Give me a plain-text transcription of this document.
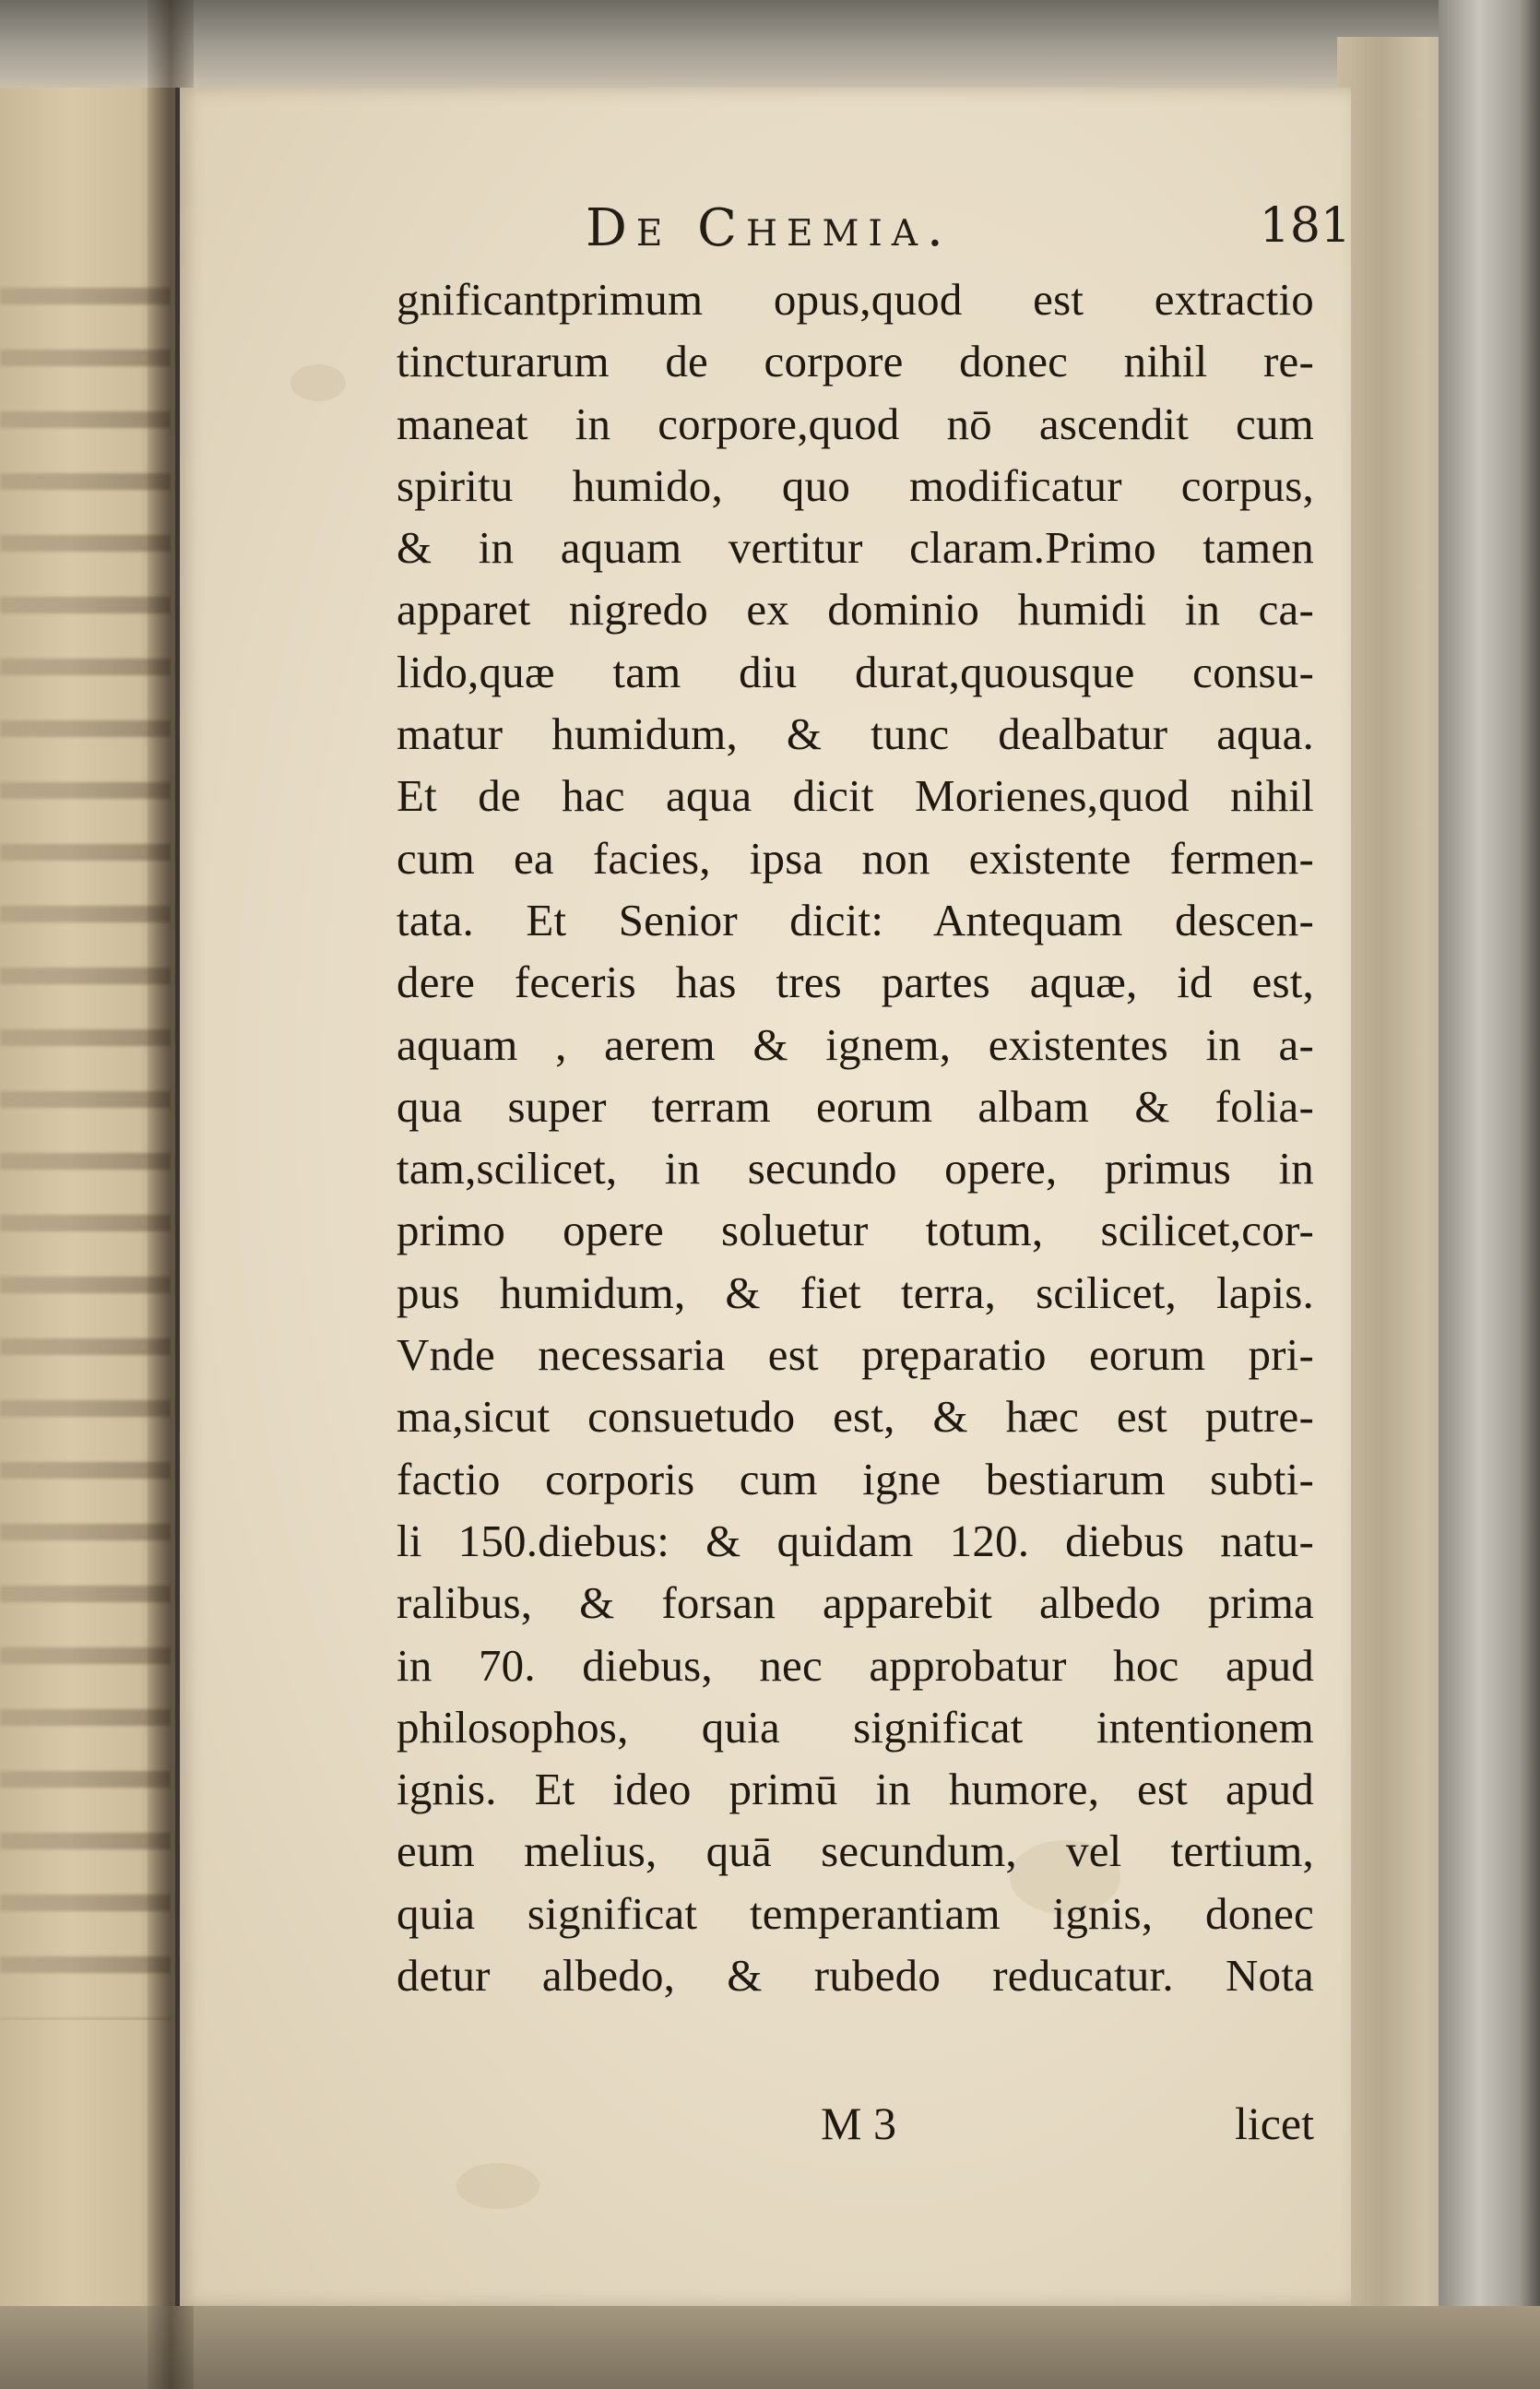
De Chemia.	181
gnificantprimum opus,quod est extractio
tincturarum de corpore donec nihil re-
maneat in corpore,quod nō ascendit cum
spiritu humido, quo modificatur corpus,
& in aquam vertitur claram.Primo tamen
apparet nigredo ex dominio humidi in ca-
lido,quæ tam diu durat,quousque consu-
matur humidum, & tunc dealbatur aqua.
Et de hac aqua dicit Morienes,quod nihil
cum ea facies, ipsa non existente fermen-
tata. Et Senior dicit: Antequam descen-
dere feceris has tres partes aquæ, id est,
aquam , aerem & ignem, existentes in a-
qua super terram eorum albam & folia-
tam,scilicet, in secundo opere, primus in
primo opere soluetur totum, scilicet,cor-
pus humidum, & fiet terra, scilicet, lapis.
Vnde necessaria est pręparatio eorum pri-
ma,sicut consuetudo est, & hæc est putre-
factio corporis cum igne bestiarum subti-
li 150.diebus: & quidam 120. diebus natu-
ralibus, & forsan apparebit albedo prima
in 70. diebus, nec approbatur hoc apud
philosophos, quia significat intentionem
ignis. Et ideo primū in humore, est apud
eum melius, quā secundum, vel tertium,
quia significat temperantiam ignis, donec
detur albedo, & rubedo reducatur. Nota
M 3	licet
